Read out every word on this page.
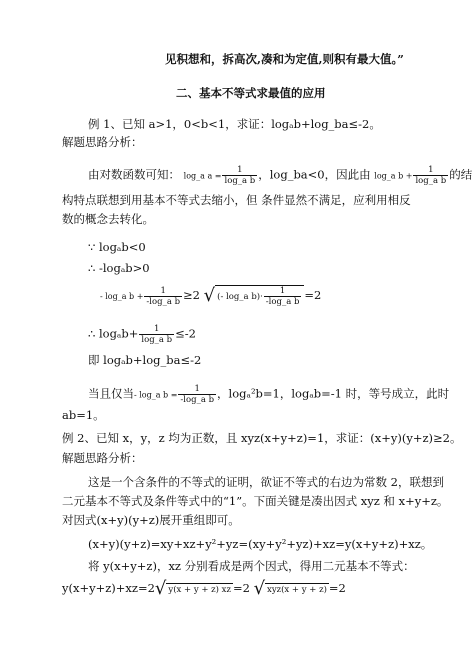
见积想和，拆高次,凑和为定值,则积有最大值。”
二、基本不等式求最值的应用
例 1、已知 a>1，0<b<1，求证：logₐb+log_ba≤-2。
解题思路分析：
由对数函数可知： log_a $a = \frac{1}{\text{log\_a b}}$ ，log_ba<0，因此由 log_a $b + \frac{1}{\text{log\_a b}}$ 的结
构特点联想到用基本不等式去缩小，但 条件显然不满足，应利用相反
数的概念去转化。
∵ logₐb<0
∴ -logₐb>0
- log_a $b + \frac{1}{\text{-log\_a b}} \ge 2$ √ (- log_a $b) \cdot \frac{1}{\text{-log\_a b}} =2$
∴ $\log_ab+ \frac{1}{\text{log\_a b}} \le-2$
即 logₐb+log_ba≤-2
当且仅当- log_a $b = \frac{1}{\text{-log\_a b}}$ ，logₐ²b=1，logₐb=-1 时，等号成立，此时
ab=1。
例 2、已知 x，y，z 均为正数，且 xyz(x+y+z)=1，求证：(x+y)(y+z)≥2。
解题思路分析：
这是一个含条件的不等式的证明，欲证不等式的右边为常数 2，联想到
二元基本不等式及条件等式中的“1”。下面关键是凑出因式 xyz 和 x+y+z。
对因式(x+y)(y+z)展开重组即可。
(x+y)(y+z)=xy+xz+y²+yz=(xy+y²+yz)+xz=y(x+y+z)+xz。
将 y(x+y+z)，xz 分别看成是两个因式，得用二元基本不等式：
y(x+y+z)+xz=2 √ y(x + y + z) xz =2 √ xyz(x + y + z) =2
